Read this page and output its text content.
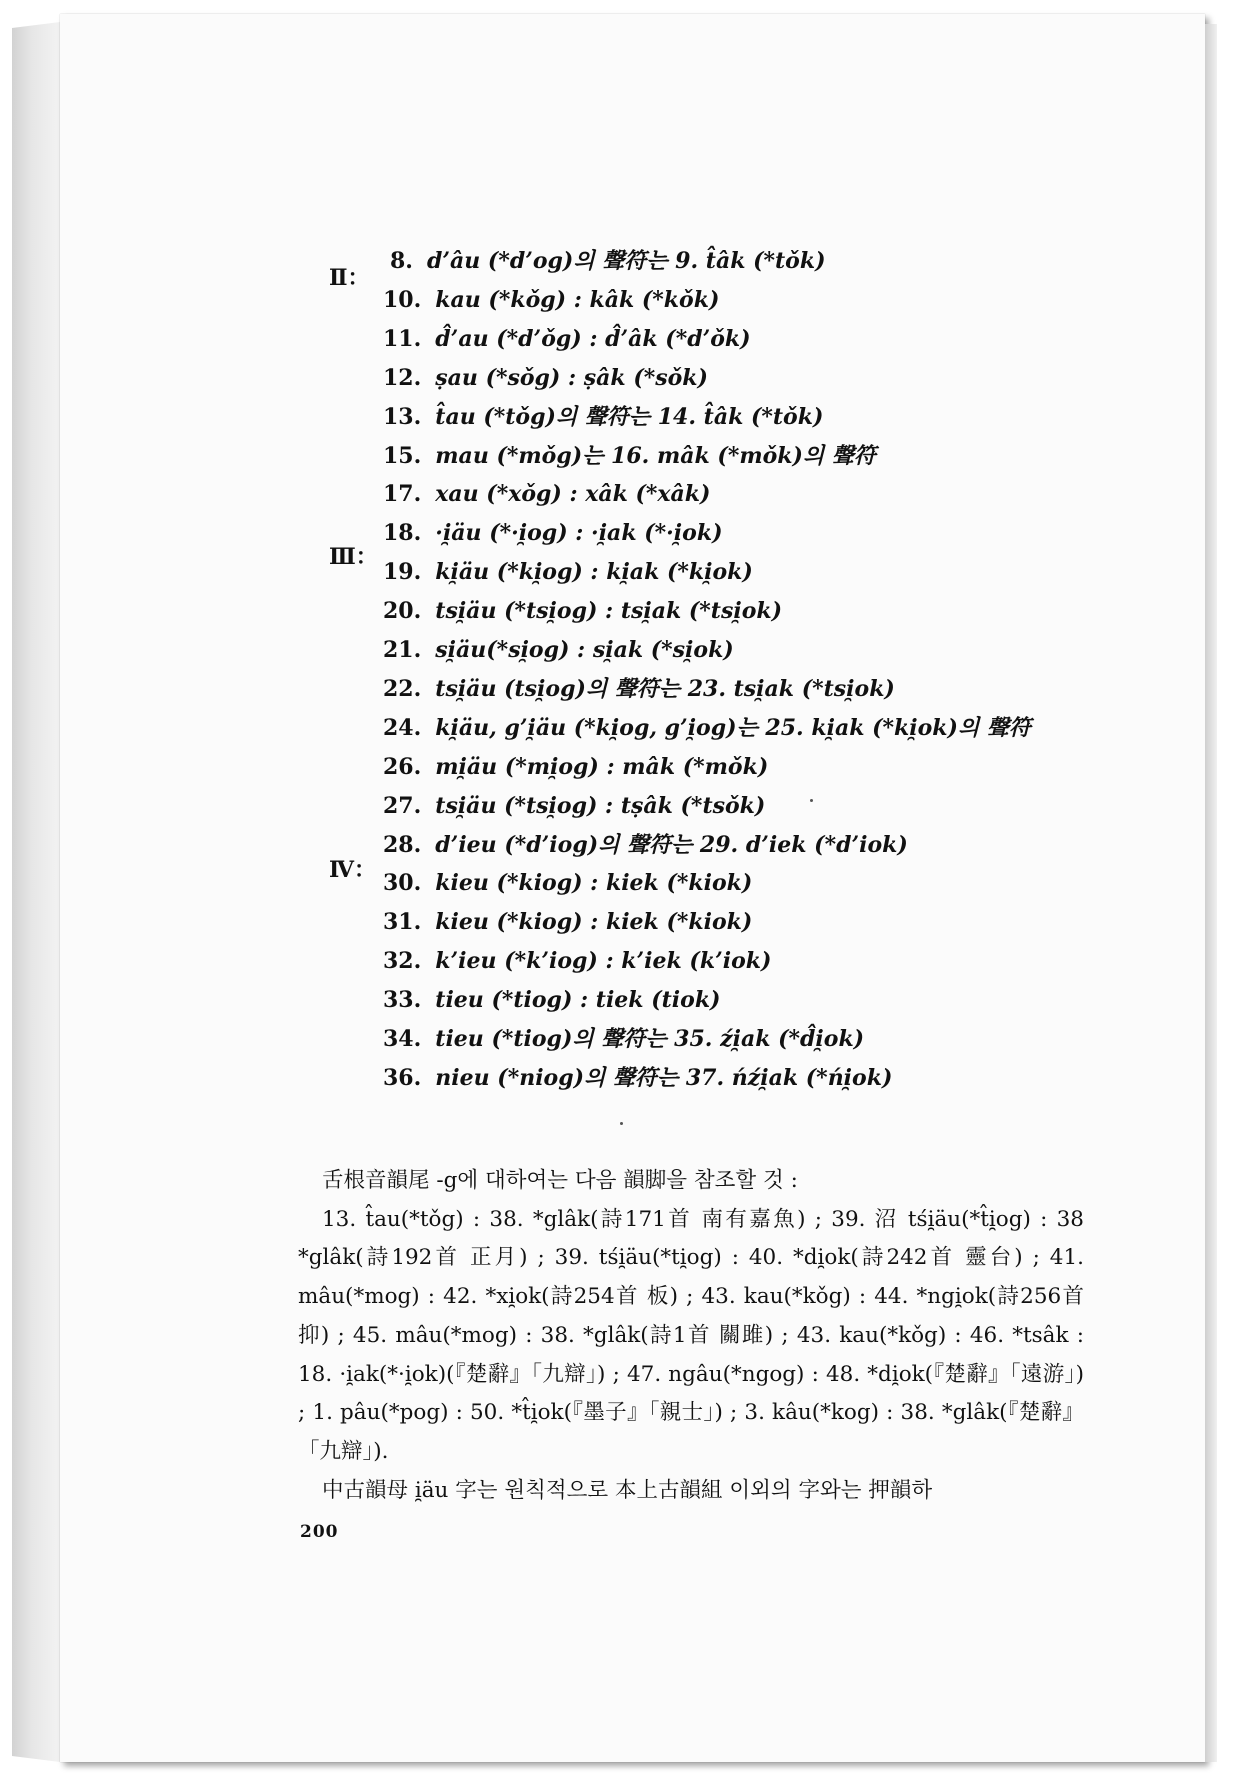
Ⅱ：
Ⅲ：
Ⅳ：
8. d’âu (*d’og)의 聲符는 9. t̂âk (*tǒk)
10. kau (*kǒg) : kâk (*kǒk)
11. d̂’au (*d’ǒg) : d̂’âk (*d’ǒk)
12. ṣau (*sǒg) : ṣâk (*sǒk)
13. t̂au (*tǒg)의 聲符는 14. t̂âk (*tǒk)
15. mau (*mǒg)는 16. mâk (*mǒk)의 聲符
17. xau (*xǒg) : xâk (*xâk)
18. ·i̯äu (*·i̯og) : ·i̯ak (*·i̯ok)
19. ki̯äu (*ki̯og) : ki̯ak (*ki̯ok)
20. tsi̯äu (*tsi̯og) : tsi̯ak (*tsi̯ok)
21. si̯äu(*si̯og) : si̯ak (*si̯ok)
22. tsi̯äu (tsi̯og)의 聲符는 23. tsi̯ak (*tsi̯ok)
24. ki̯äu, g’i̯äu (*ki̯og, g’i̯og)는 25. ki̯ak (*ki̯ok)의 聲符
26. mi̯äu (*mi̯og) : mâk (*mǒk)
27. tsi̯äu (*tsi̯og) : tṣâk (*tsǒk)
28. d’ieu (*d’iog)의 聲符는 29. d’iek (*d’iok)
30. kieu (*kiog) : kiek (*kiok)
31. kieu (*kiog) : kiek (*kiok)
32. k’ieu (*k’iog) : k’iek (k’iok)
33. tieu (*tiog) : tiek (tiok)
34. tieu (*tiog)의 聲符는 35. źi̯ak (*d̂i̯ok)
36. nieu (*niog)의 聲符는 37. ńźi̯ak (*ńi̯ok)

舌根音韻尾 -g에 대하여는 다음 韻脚을 참조할 것 :

13. t̂au(*tǒg) : 38. *glâk(詩171首 南有嘉魚) ; 39. 沼 tśi̯äu(*t̂i̯og) : 38 *glâk(詩192首 正月) ; 39. tśi̯äu(*ti̯og) : 40. *di̯ok(詩242首 靈台) ; 41. mâu(*mog) : 42. *xi̯ok(詩254首 板) ; 43. kau(*kǒg) : 44. *ngi̯ok(詩256首 抑) ; 45. mâu(*mog) : 38. *glâk(詩1首 關雎) ; 43. kau(*kǒg) : 46. *tsâk : 18. ·i̯ak(*·i̯ok)(『楚辭』「九辯」) ; 47. ngâu(*ngog) : 48. *di̯ok(『楚辭』「遠游」) ; 1. pâu(*pog) : 50. *t̂i̯ok(『墨子』「親士」) ; 3. kâu(*kog) : 38. *glâk(『楚辭』「九辯」).

中古韻母 i̯äu 字는 원칙적으로 本上古韻組 이외의 字와는 押韻하

200
